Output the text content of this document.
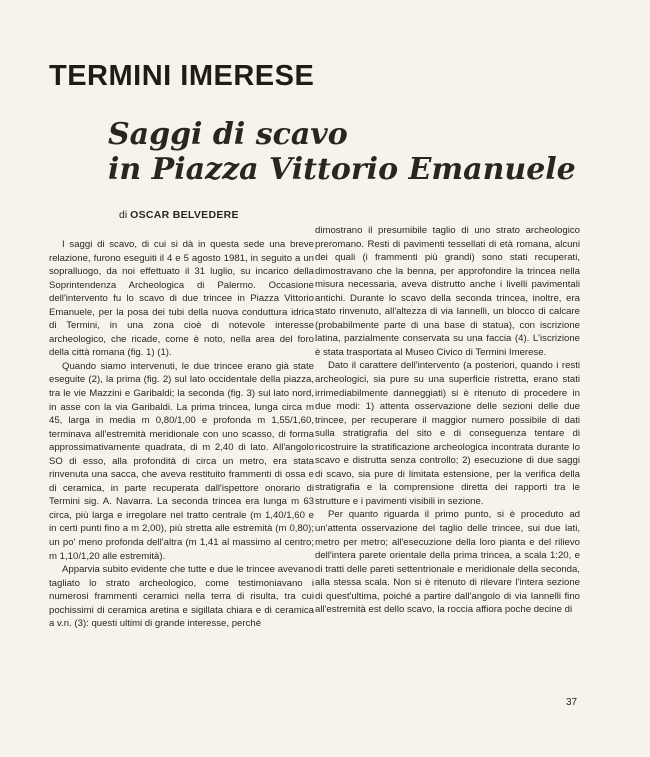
TERMINI IMERESE
Saggi di scavo
in Piazza Vittorio Emanuele
di OSCAR BELVEDERE

I saggi di scavo, di cui si dà in questa sede una breve relazione, furono eseguiti il 4 e 5 agosto 1981, in seguito a un sopralluogo, da noi effettuato il 31 luglio, su incarico della Soprintendenza Archeologica di Palermo. Occasione dell'intervento fu lo scavo di due trincee in Piazza Vittorio Emanuele, per la posa dei tubi della nuova conduttura idrica di Termini, in una zona cioè di notevole interesse archeologico, che ricade, come è noto, nella area del foro della città romana (fig. 1) (1).

Quando siamo intervenuti, le due trincee erano già state eseguite (2), la prima (fig. 2) sul lato occidentale della piazza, tra le vie Mazzini e Garibaldi; la seconda (fig. 3) sul lato nord, in asse con la via Garibaldi. La prima trincea, lunga circa m 45, larga in media m 0,80/1,00 e profonda m 1,55/1,60, terminava all'estremità meridionale con uno scasso, di forma approssimativamente quadrata, di m 2,40 di lato. All'angolo SO di esso, alla profondità di circa un metro, era stata rinvenuta una sacca, che aveva restituito frammenti di ossa e di ceramica, in parte recuperata dall'ispettore onorario di Termini sig. A. Navarra. La seconda trincea era lunga m 63 circa, più larga e irregolare nel tratto centrale (m 1,40/1,60 e in certi punti fino a m 2,00), più stretta alle estremità (m 0,80); un po' meno profonda dell'altra (m 1,41 al massimo al centro; m 1,10/1,20 alle estremità).

Apparvia subito evidente che tutte e due le trincee avevano tagliato lo strato archeologico, come testimoniavano i numerosi frammenti ceramici nella terra di risulta, tra cui pochissimi di ceramica aretina e sigillata chiara e di ceramica a v.n. (3): questi ultimi di grande interesse, perché

dimostrano il presumibile taglio di uno strato archeologico preromano. Resti di pavimenti tessellati di età romana, alcuni dei quali (i frammenti più grandi) sono stati recuperati, dimostravano che la benna, per approfondire la trincea nella misura necessaria, aveva distrutto anche i livelli pavimentali antichi. Durante lo scavo della seconda trincea, inoltre, era stato rinvenuto, all'altezza di via Iannelli, un blocco di calcare (probabilmente parte di una base di statua), con iscrizione latina, parzialmente conservata su una faccia (4). L'iscrizione è stata trasportata al Museo Civico di Termini Imerese.

Dato il carattere dell'intervento (a posteriori, quando i resti archeologici, sia pure su una superficie ristretta, erano stati irrimediabilmente danneggiati) si è ritenuto di procedere in due modi: 1) attenta osservazione delle sezioni delle due trincee, per recuperare il maggior numero possibile di dati sulla stratigrafia del sito e di conseguenza tentare di ricostruire la stratificazione archeologica incontrata durante lo scavo e distrutta senza controllo; 2) esecuzione di due saggi di scavo, sia pure di limitata estensione, per la verifica della stratigrafia e la comprensione diretta dei rapporti tra le strutture e i pavimenti visibili in sezione.

Per quanto riguarda il primo punto, si è proceduto ad un'attenta osservazione del taglio delle trincee, sui due lati, metro per metro; all'esecuzione della loro pianta e del rilievo dell'intera parete orientale della prima trincea, a scala 1:20, e di tratti delle pareti settentrionale e meridionale della seconda, alla stessa scala. Non si è ritenuto di rilevare l'intera sezione di quest'ultima, poiché a partire dall'angolo di via Iannelli fino all'estremità est dello scavo, la roccia affiora poche decine di

37
